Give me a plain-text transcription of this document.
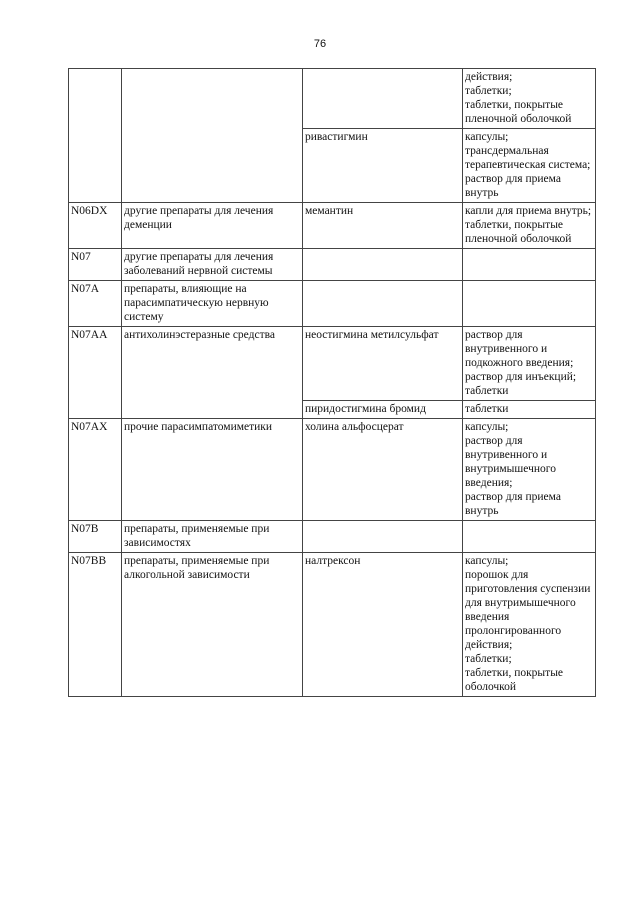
76
			действия;
таблетки;
таблетки, покрытые пленочной оболочкой
		ривастигмин	капсулы;
трансдермальная терапевтическая система;
раствор для приема внутрь
N06DX	другие препараты для лечения деменции	мемантин	капли для приема внутрь;
таблетки, покрытые пленочной оболочкой
N07	другие препараты для лечения заболеваний нервной системы		
N07A	препараты, влияющие на парасимпатическую нервную систему		
N07AA	антихолинэстеразные средства	неостигмина метилсульфат	раствор для внутривенного и подкожного введения;
раствор для инъекций;
таблетки
		пиридостигмина бромид	таблетки
N07AX	прочие парасимпатомиметики	холина альфосцерат	капсулы;
раствор для внутривенного и внутримышечного введения;
раствор для приема внутрь
N07B	препараты, применяемые при зависимостях		
N07BB	препараты, применяемые при алкогольной зависимости	налтрексон	капсулы;
порошок для приготовления суспензии для внутримышечного введения пролонгированного действия;
таблетки;
таблетки, покрытые оболочкой
